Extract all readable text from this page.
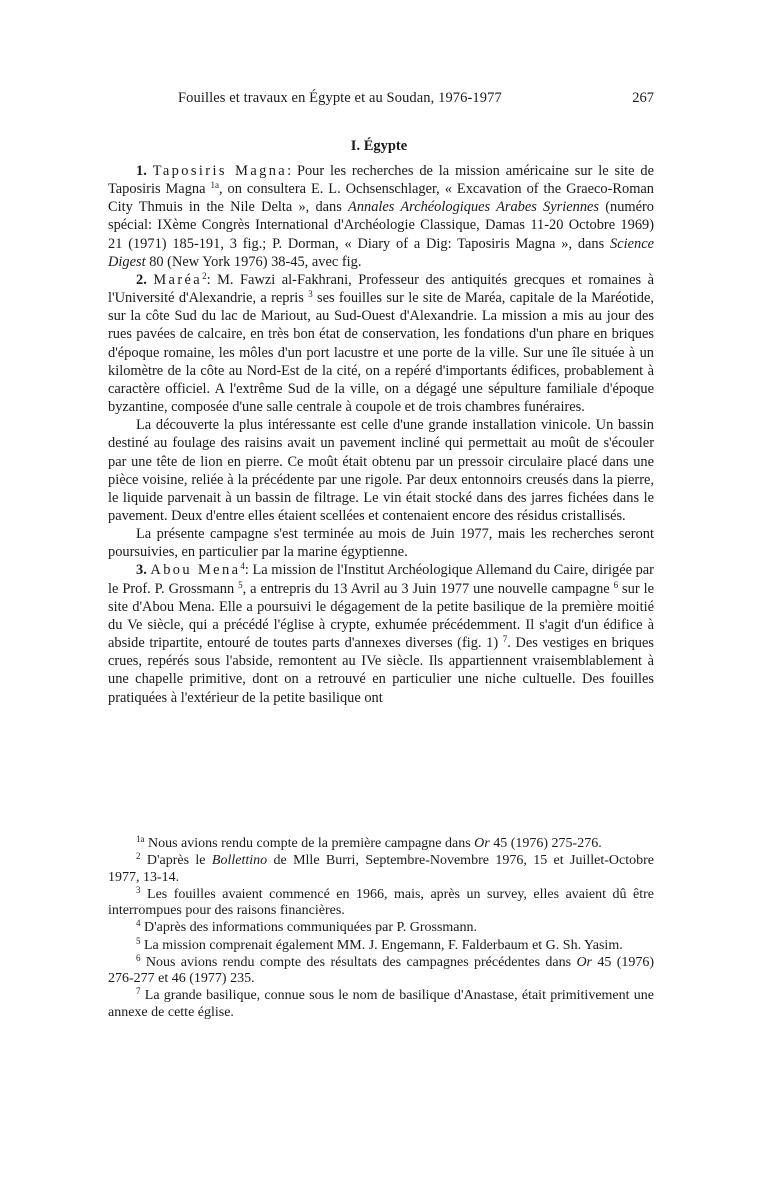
Fouilles et travaux en Égypte et au Soudan, 1976-1977	267
I. Égypte

1. Taposiris Magna: Pour les recherches de la mission américaine sur le site de Taposiris Magna $^{1a}$, on consultera E. L. Ochsenschlager, « Excavation of the Graeco-Roman City Thmuis in the Nile Delta », dans Annales Archéologiques Arabes Syriennes (numéro spécial: IXème Congrès International d'Archéologie Classique, Damas 11-20 Octobre 1969) 21 (1971) 185-191, 3 fig.; P. Dorman, « Diary of a Dig: Taposiris Magna », dans Science Digest 80 (New York 1976) 38-45, avec fig.

2. Maréa$^2$: M. Fawzi al-Fakhrani, Professeur des antiquités grecques et romaines à l'Université d'Alexandrie, a repris $^3$ ses fouilles sur le site de Maréa, capitale de la Maréotide, sur la côte Sud du lac de Mariout, au Sud-Ouest d'Alexandrie. La mission a mis au jour des rues pavées de calcaire, en très bon état de conservation, les fondations d'un phare en briques d'époque romaine, les môles d'un port lacustre et une porte de la ville. Sur une île située à un kilomètre de la côte au Nord-Est de la cité, on a repéré d'importants édifices, probablement à caractère officiel. A l'extrême Sud de la ville, on a dégagé une sépulture familiale d'époque byzantine, composée d'une salle centrale à coupole et de trois chambres funéraires.

La découverte la plus intéressante est celle d'une grande installation vinicole. Un bassin destiné au foulage des raisins avait un pavement incliné qui permettait au moût de s'écouler par une tête de lion en pierre. Ce moût était obtenu par un pressoir circulaire placé dans une pièce voisine, reliée à la précédente par une rigole. Par deux entonnoirs creusés dans la pierre, le liquide parvenait à un bassin de filtrage. Le vin était stocké dans des jarres fichées dans le pavement. Deux d'entre elles étaient scellées et contenaient encore des résidus cristallisés.

La présente campagne s'est terminée au mois de Juin 1977, mais les recherches seront poursuivies, en particulier par la marine égyptienne.

3. Abou Mena$^4$: La mission de l'Institut Archéologique Allemand du Caire, dirigée par le Prof. P. Grossmann $^5$, a entrepris du 13 Avril au 3 Juin 1977 une nouvelle campagne $^6$ sur le site d'Abou Mena. Elle a poursuivi le dégagement de la petite basilique de la première moitié du Ve siècle, qui a précédé l'église à crypte, exhumée précédemment. Il s'agit d'un édifice à abside tripartite, entouré de toutes parts d'annexes diverses (fig. 1) $^7$. Des vestiges en briques crues, repérés sous l'abside, remontent au IVe siècle. Ils appartiennent vraisemblablement à une chapelle primitive, dont on a retrouvé en particulier une niche cultuelle. Des fouilles pratiquées à l'extérieur de la petite basilique ont

$^{1a}$ Nous avions rendu compte de la première campagne dans Or 45 (1976) 275-276.

$^2$ D'après le Bollettino de Mlle Burri, Septembre-Novembre 1976, 15 et Juillet-Octobre 1977, 13-14.

$^3$ Les fouilles avaient commencé en 1966, mais, après un survey, elles avaient dû être interrompues pour des raisons financières.

$^4$ D'après des informations communiquées par P. Grossmann.

$^5$ La mission comprenait également MM. J. Engemann, F. Falderbaum et G. Sh. Yasim.

$^6$ Nous avions rendu compte des résultats des campagnes précédentes dans Or 45 (1976) 276-277 et 46 (1977) 235.

$^7$ La grande basilique, connue sous le nom de basilique d'Anastase, était primitivement une annexe de cette église.
